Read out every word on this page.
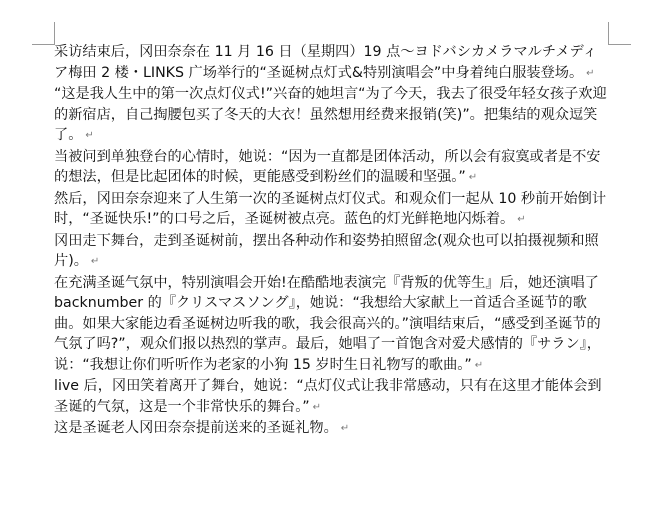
采访结束后，冈田奈奈在 11 月 16 日（星期四）19 点～ヨドバシカメラマルチメディア梅田 2 楼・LINKS 广场举行的“圣诞树点灯式&特别演唱会”中身着纯白服装登场。 ↵

“这是我人生中的第一次点灯仪式!”兴奋的她坦言“为了今天，我去了很受年轻女孩子欢迎的新宿店，自己掏腰包买了冬天的大衣！虽然想用经费来报销(笑)”。把集结的观众逗笑了。 ↵

当被问到单独登台的心情时，她说：“因为一直都是团体活动，所以会有寂寞或者是不安的想法，但是比起团体的时候，更能感受到粉丝们的温暖和坚强。” ↵

然后，冈田奈奈迎来了人生第一次的圣诞树点灯仪式。和观众们一起从 10 秒前开始倒计时，“圣诞快乐!”的口号之后，圣诞树被点亮。蓝色的灯光鲜艳地闪烁着。 ↵

冈田走下舞台，走到圣诞树前，摆出各种动作和姿势拍照留念(观众也可以拍摄视频和照片)。 ↵

在充满圣诞气氛中，特别演唱会开始!在酷酷地表演完『背叛的优等生』后，她还演唱了 backnumber 的『クリスマスソング』，她说：“我想给大家献上一首适合圣诞节的歌曲。如果大家能边看圣诞树边听我的歌，我会很高兴的。”演唱结束后，“感受到圣诞节的气氛了吗?”，观众们报以热烈的掌声。最后，她唱了一首饱含对爱犬感情的『サラン』，说：“我想让你们听听作为老家的小狗 15 岁时生日礼物写的歌曲。” ↵

live 后，冈田笑着离开了舞台，她说：“点灯仪式让我非常感动，只有在这里才能体会到圣诞的气氛，这是一个非常快乐的舞台。” ↵

这是圣诞老人冈田奈奈提前送来的圣诞礼物。 ↵
